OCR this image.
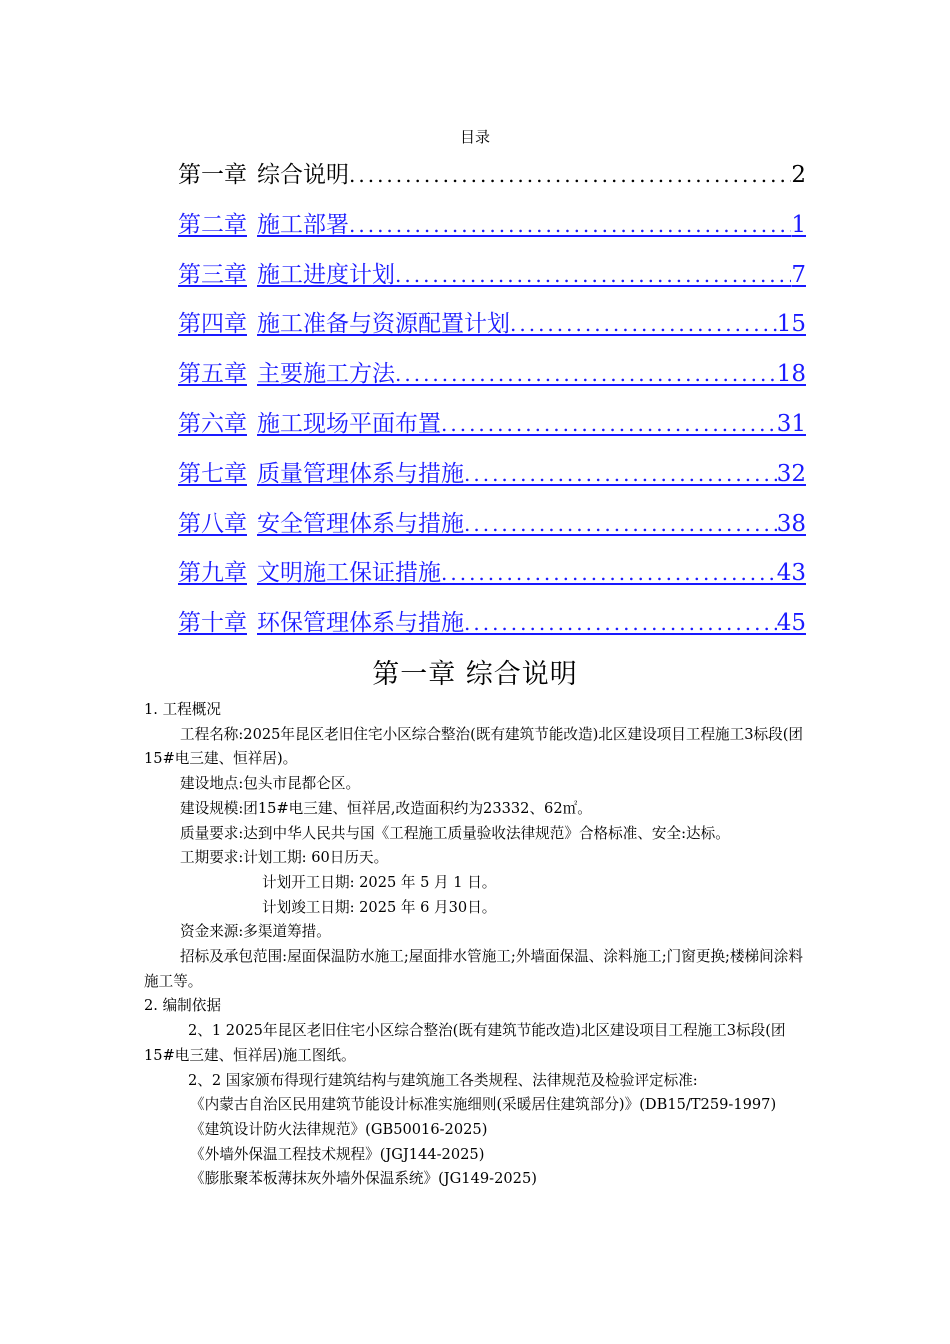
目录
第一章 综合说明 .....	2
第二章 施工部署 .....	1
第三章 施工进度计划 .....	7
第四章 施工准备与资源配置计划 .....	15
第五章 主要施工方法 .....	18
第六章 施工现场平面布置 .....	31
第七章 质量管理体系与措施 .....	32
第八章 安全管理体系与措施 .....	38
第九章 文明施工保证措施 .....	43
第十章 环保管理体系与措施 .....	45
第一章 综合说明

1. 工程概况

工程名称:2025年昆区老旧住宅小区综合整治(既有建筑节能改造)北区建设项目工程施工3标段(团15#电三建、恒祥居)。

建设地点:包头市昆都仑区。

建设规模:团15#电三建、恒祥居,改造面积约为23332、62㎡。

质量要求:达到中华人民共与国《工程施工质量验收法律规范》合格标准、安全:达标。

工期要求:计划工期: 60日历天。

计划开工日期: 2025 年 5 月 1 日。

计划竣工日期: 2025 年 6 月30日。

资金来源:多渠道筹措。

招标及承包范围:屋面保温防水施工;屋面排水管施工;外墙面保温、涂料施工;门窗更换;楼梯间涂料施工等。

2. 编制依据

2、1 2025年昆区老旧住宅小区综合整治(既有建筑节能改造)北区建设项目工程施工3标段(团15#电三建、恒祥居)施工图纸。

2、2 国家颁布得现行建筑结构与建筑施工各类规程、法律规范及检验评定标准:

《内蒙古自治区民用建筑节能设计标准实施细则(采暖居住建筑部分)》(DB15/T259-1997)

《建筑设计防火法律规范》(GB50016-2025)

《外墙外保温工程技术规程》(JGJ144-2025)

《膨胀聚苯板薄抹灰外墙外保温系统》(JG149-2025)
